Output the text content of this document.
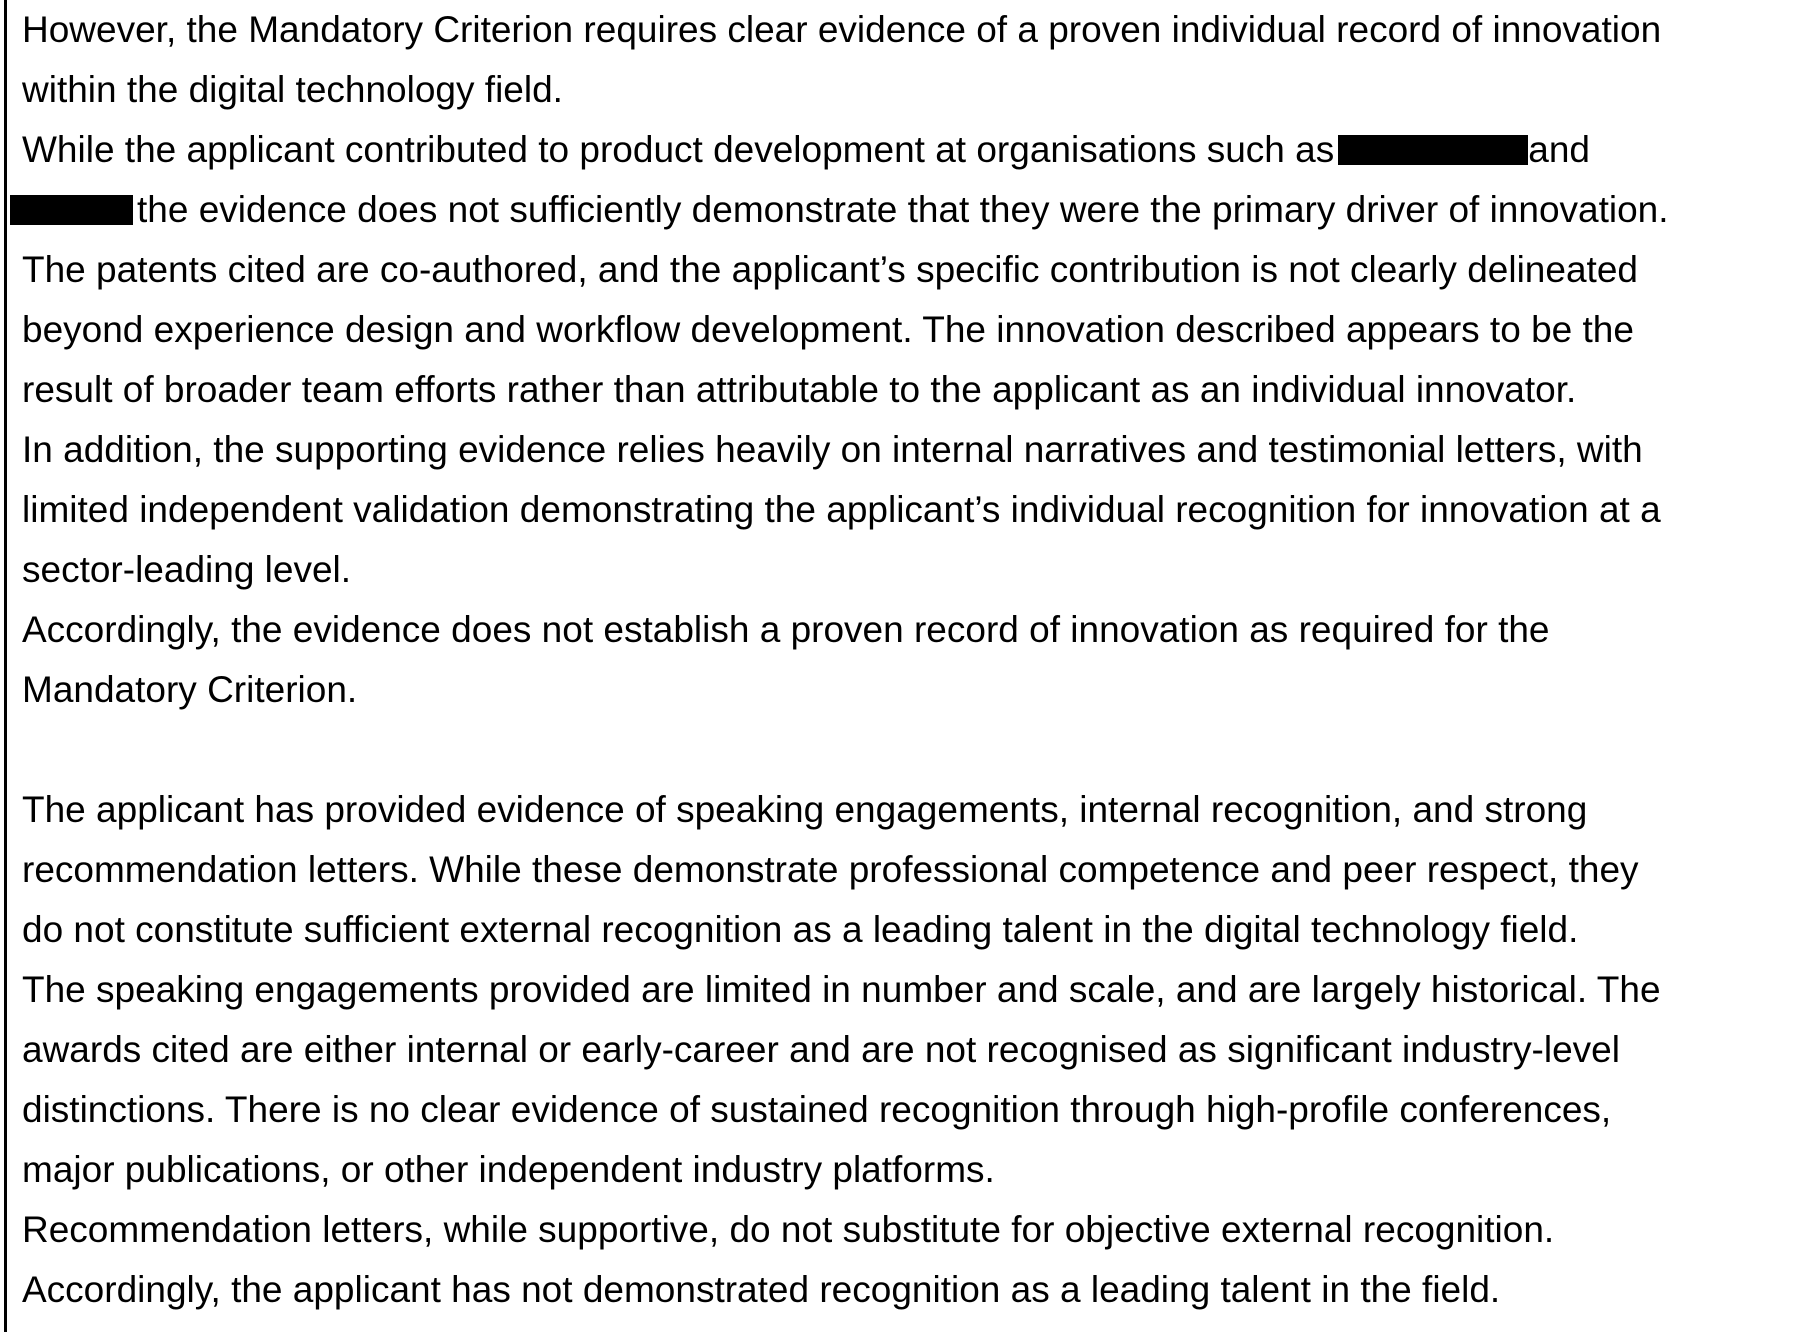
However, the Mandatory Criterion requires clear evidence of a proven individual record of innovation
within the digital technology field.
While the applicant contributed to product development at organisations such as	and
the evidence does not sufficiently demonstrate that they were the primary driver of innovation.
The patents cited are co-authored, and the applicant’s specific contribution is not clearly delineated
beyond experience design and workflow development. The innovation described appears to be the
result of broader team efforts rather than attributable to the applicant as an individual innovator.
In addition, the supporting evidence relies heavily on internal narratives and testimonial letters, with
limited independent validation demonstrating the applicant’s individual recognition for innovation at a
sector-leading level.
Accordingly, the evidence does not establish a proven record of innovation as required for the
Mandatory Criterion.
The applicant has provided evidence of speaking engagements, internal recognition, and strong
recommendation letters. While these demonstrate professional competence and peer respect, they
do not constitute sufficient external recognition as a leading talent in the digital technology field.
The speaking engagements provided are limited in number and scale, and are largely historical. The
awards cited are either internal or early-career and are not recognised as significant industry-level
distinctions. There is no clear evidence of sustained recognition through high-profile conferences,
major publications, or other independent industry platforms.
Recommendation letters, while supportive, do not substitute for objective external recognition.
Accordingly, the applicant has not demonstrated recognition as a leading talent in the field.
